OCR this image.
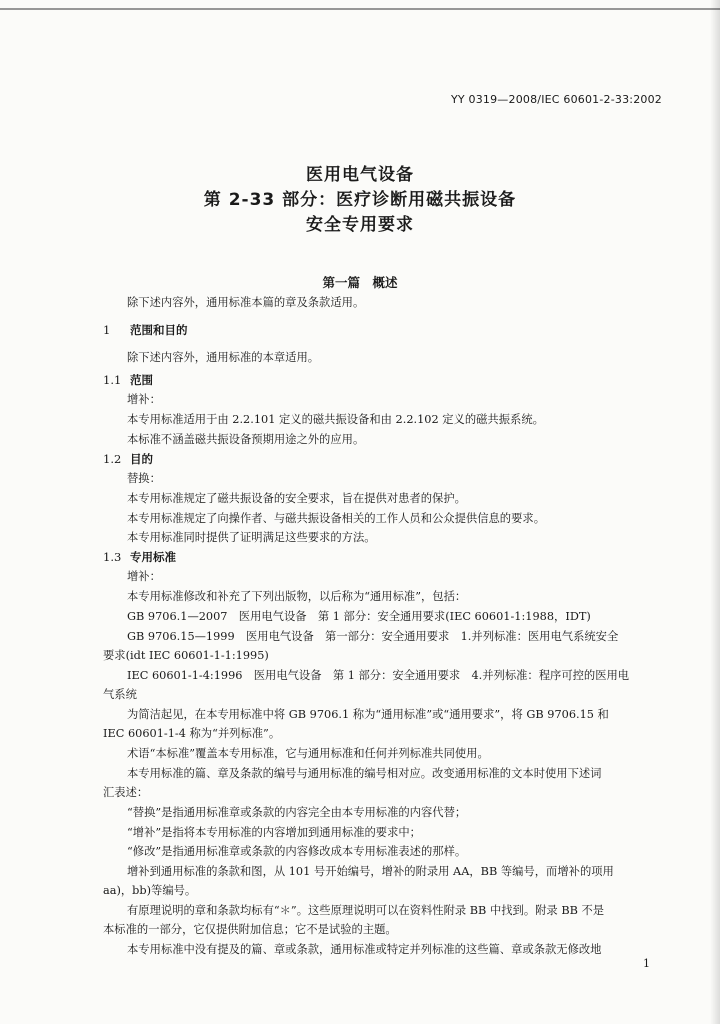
YY 0319—2008/IEC 60601-2-33:2002
医用电气设备
第 2-33 部分：医疗诊断用磁共振设备
安全专用要求
第一篇　概述
除下述内容外，通用标准本篇的章及条款适用。
1 范围和目的
除下述内容外，通用标准的本章适用。
1.1 范围
增补：
本专用标准适用于由 2.2.101 定义的磁共振设备和由 2.2.102 定义的磁共振系统。
本标准不涵盖磁共振设备预期用途之外的应用。
1.2 目的
替换：
本专用标准规定了磁共振设备的安全要求，旨在提供对患者的保护。
本专用标准规定了向操作者、与磁共振设备相关的工作人员和公众提供信息的要求。
本专用标准同时提供了证明满足这些要求的方法。
1.3 专用标准
增补：
本专用标准修改和补充了下列出版物，以后称为“通用标准”，包括：
GB 9706.1—2007　医用电气设备　第 1 部分：安全通用要求(IEC 60601-1:1988，IDT)
GB 9706.15—1999　医用电气设备　第一部分：安全通用要求　1.并列标准：医用电气系统安全
要求(idt IEC 60601-1-1:1995)
IEC 60601-1-4:1996　医用电气设备　第 1 部分：安全通用要求　4.并列标准：程序可控的医用电
气系统
为简洁起见，在本专用标准中将 GB 9706.1 称为“通用标准”或“通用要求”，将 GB 9706.15 和
IEC 60601-1-4 称为“并列标准”。
术语“本标准”覆盖本专用标准，它与通用标准和任何并列标准共同使用。
本专用标准的篇、章及条款的编号与通用标准的编号相对应。改变通用标准的文本时使用下述词
汇表述：
“替换”是指通用标准章或条款的内容完全由本专用标准的内容代替；
“增补”是指将本专用标准的内容增加到通用标准的要求中；
“修改”是指通用标准章或条款的内容修改成本专用标准表述的那样。
增补到通用标准的条款和图，从 101 号开始编号，增补的附录用 AA，BB 等编号，而增补的项用
aa)，bb)等编号。
有原理说明的章和条款均标有“＊”。这些原理说明可以在资料性附录 BB 中找到。附录 BB 不是
本标准的一部分，它仅提供附加信息；它不是试验的主题。
本专用标准中没有提及的篇、章或条款，通用标准或特定并列标准的这些篇、章或条款无修改地
1
